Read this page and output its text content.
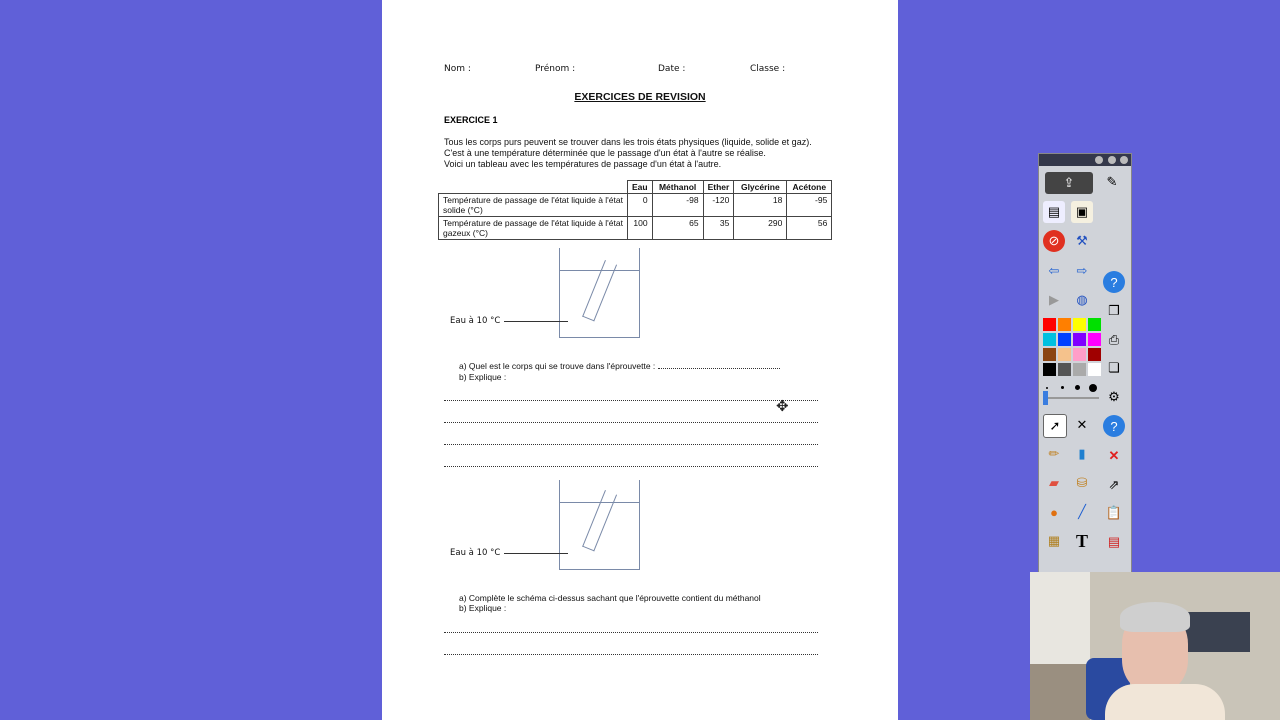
Nom :	Prénom :	Date :	Classe :
EXERCICES DE REVISION
EXERCICE 1
Tous les corps purs peuvent se trouver dans les trois états physiques (liquide, solide et gaz).
C'est à une température déterminée que le passage d'un état à l'autre se réalise.
Voici un tableau avec les températures de passage d'un état à l'autre.
	Eau	Méthanol	Ether	Glycérine	Acétone
Température de passage de l'état liquide à l'état solide (°C)	0	-98	-120	18	-95
Température de passage de l'état liquide à l'état gazeux (°C)	100	65	35	290	56
Eau à 10 °C
a) Quel est le corps qui se trouve dans l'éprouvette :
b) Explique :
Eau à 10 °C
a) Complète le schéma ci-dessus sachant que l'éprouvette contient du méthanol
b) Explique :
✥
⇪	✎
▤	▣
⊘	⚒
⇦	⇨
?
▶	◍
❐
⎙
❏
⚙
➚	✕	?
✏	▮	✕
▰	⛁	⇗
●	╱	📋
▦ T	▤
